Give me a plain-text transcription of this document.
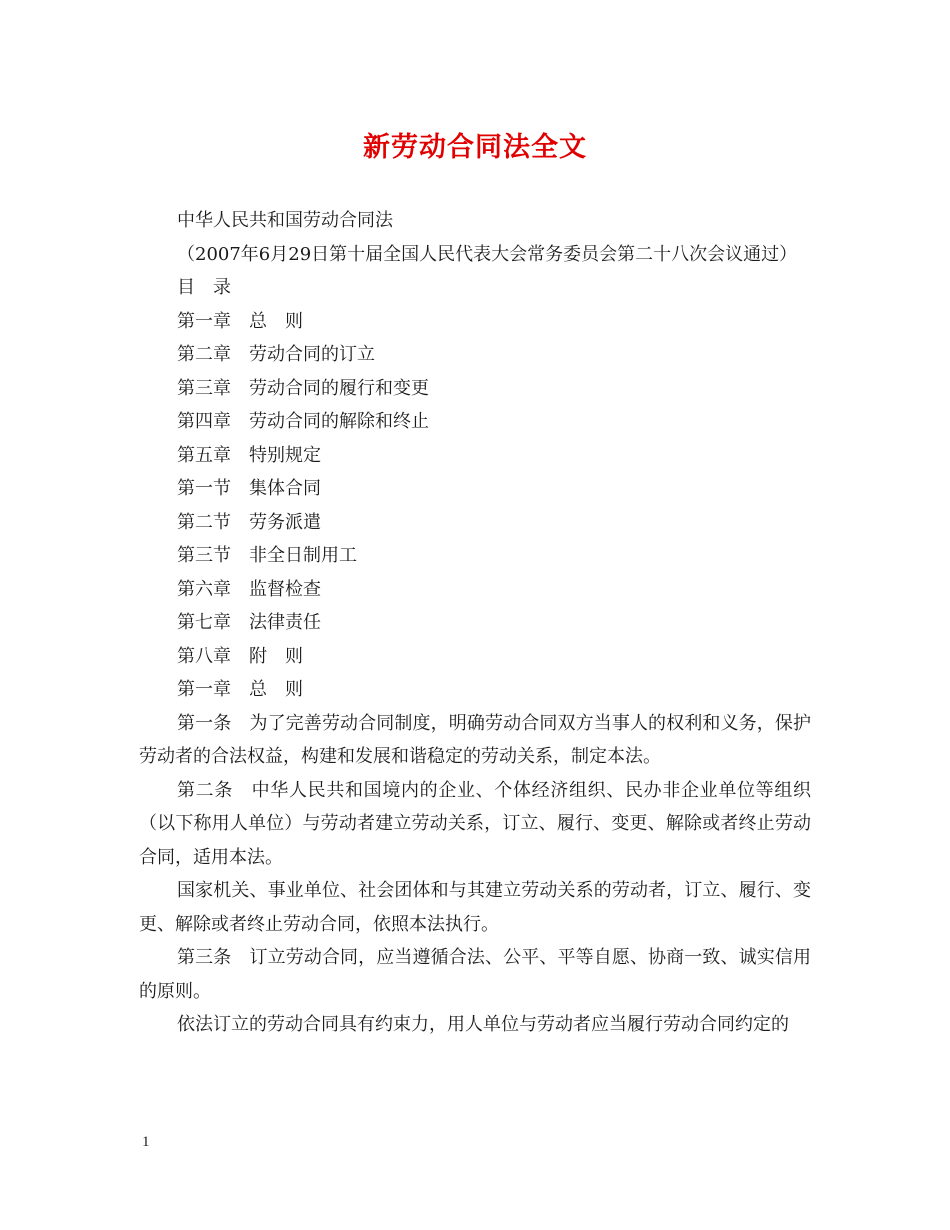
新劳动合同法全文

中华人民共和国劳动合同法

（2007年6月29日第十届全国人民代表大会常务委员会第二十八次会议通过）

目　录

第一章　总　则

第二章　劳动合同的订立

第三章　劳动合同的履行和变更

第四章　劳动合同的解除和终止

第五章　特别规定

第一节　集体合同

第二节　劳务派遣

第三节　非全日制用工

第六章　监督检查

第七章　法律责任

第八章　附　则

第一章　总　则

第一条　为了完善劳动合同制度，明确劳动合同双方当事人的权利和义务，保护劳动者的合法权益，构建和发展和谐稳定的劳动关系，制定本法。

第二条　中华人民共和国境内的企业、个体经济组织、民办非企业单位等组织（以下称用人单位）与劳动者建立劳动关系，订立、履行、变更、解除或者终止劳动合同，适用本法。

国家机关、事业单位、社会团体和与其建立劳动关系的劳动者，订立、履行、变更、解除或者终止劳动合同，依照本法执行。

第三条　订立劳动合同，应当遵循合法、公平、平等自愿、协商一致、诚实信用的原则。

依法订立的劳动合同具有约束力，用人单位与劳动者应当履行劳动合同约定的

1
